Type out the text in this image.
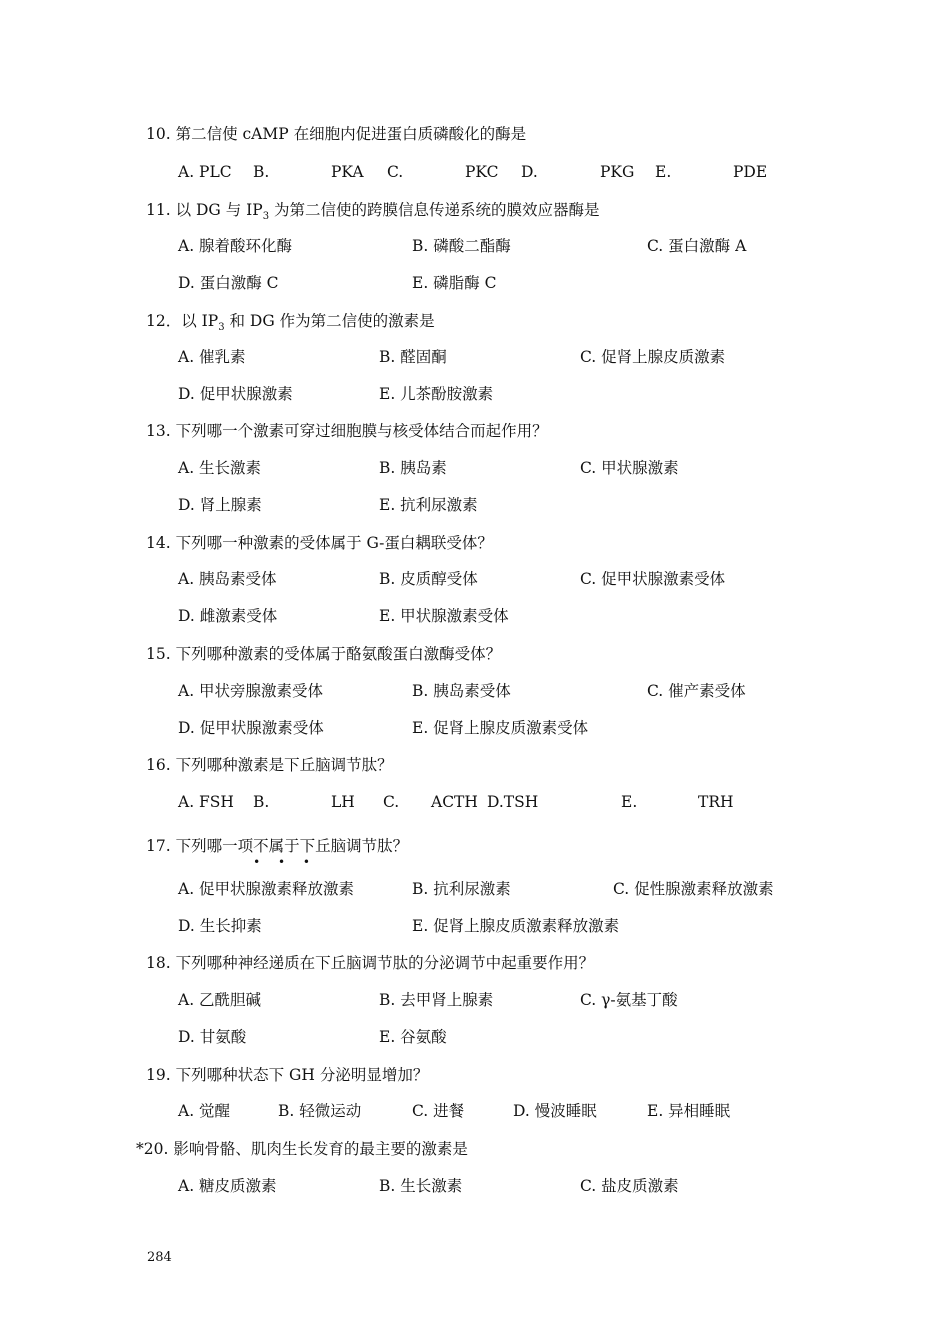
10. 第二信使 cAMP 在细胞内促进蛋白质磷酸化的酶是
A. PLC B.	PKA C.	PKC D.	PKG E.	PDE
11. 以 DG 与 $IP_3$ 为第二信使的跨膜信息传递系统的膜效应器酶是
A. 腺着酸环化酶	B. 磷酸二酯酶	C. 蛋白激酶 A
D. 蛋白激酶 C	E. 磷脂酶 C
12．以 $IP_3$ 和 DG 作为第二信使的激素是
A. 催乳素	B. 醛固酮	C. 促肾上腺皮质激素
D. 促甲状腺激素	E. 儿茶酚胺激素
13. 下列哪一个激素可穿过细胞膜与核受体结合而起作用？
A. 生长激素	B. 胰岛素	C. 甲状腺激素
D. 肾上腺素	E. 抗利尿激素
14. 下列哪一种激素的受体属于 G-蛋白耦联受体？
A. 胰岛素受体	B. 皮质醇受体	C. 促甲状腺激素受体
D. 雌激素受体	E. 甲状腺激素受体
15. 下列哪种激素的受体属于酪氨酸蛋白激酶受体？
A. 甲状旁腺激素受体	B. 胰岛素受体	C. 催产素受体
D. 促甲状腺激素受体	E. 促肾上腺皮质激素受体
16. 下列哪种激素是下丘脑调节肽？
A. FSH B.	LH C. ACTH D.TSH	E.	TRH
17. 下列哪一项不属于
• • •
下丘脑调节肽？
A. 促甲状腺激素释放激素	B. 抗利尿激素	C. 促性腺激素释放激素
D. 生长抑素	E. 促肾上腺皮质激素释放激素
18. 下列哪种神经递质在下丘脑调节肽的分泌调节中起重要作用？
A. 乙酰胆碱	B. 去甲肾上腺素	C. γ-氨基丁酸
D. 甘氨酸	E. 谷氨酸
19. 下列哪种状态下 GH 分泌明显增加？
A. 觉醒	B. 轻微运动	C. 进餐	D. 慢波睡眠	E. 异相睡眠
*20. 影响骨骼、肌肉生长发育的最主要的激素是
A. 糖皮质激素	B. 生长激素	C. 盐皮质激素
284
